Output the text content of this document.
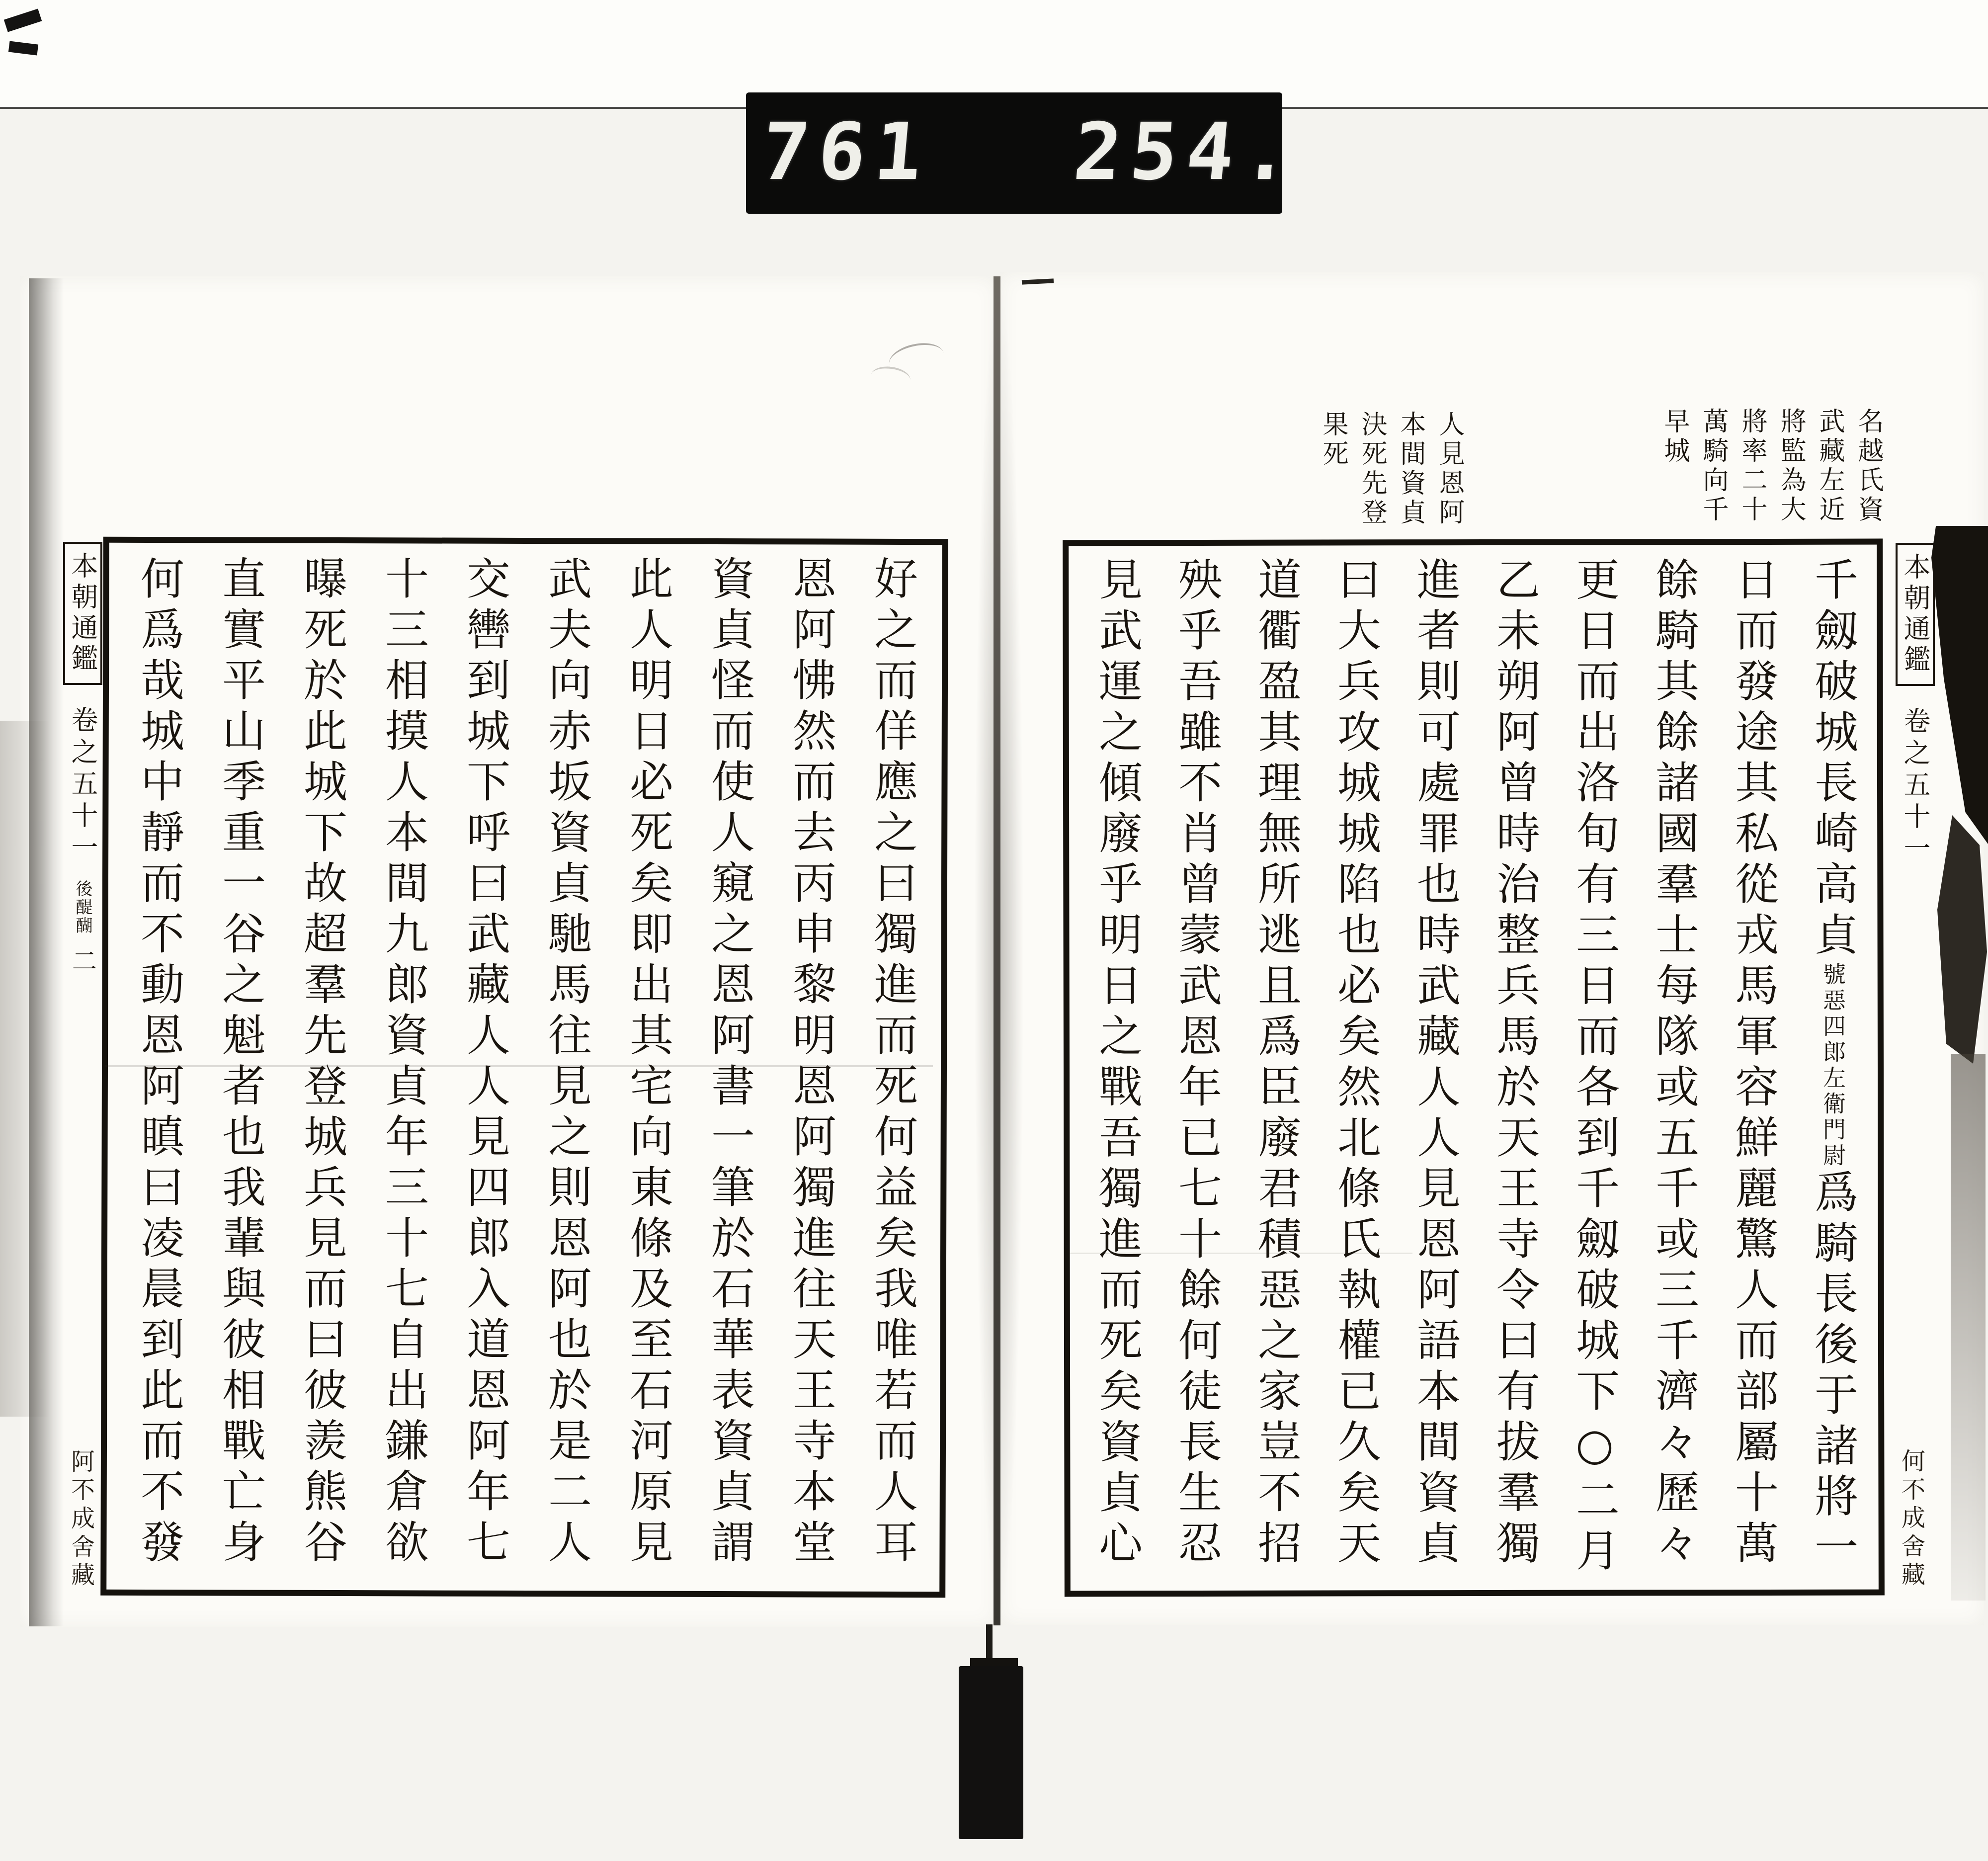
761 254.
名越氏資
武藏左近
將監為大
將率二十
萬騎向千
早城
人見恩阿
本間資貞
決死先登
果死
千劔破城長崎高貞號惡四郎左衛門尉爲騎長後于諸將一
日而發途其私從戎馬軍容鮮麗驚人而部屬十萬
餘騎其餘諸國羣士每隊或五千或三千濟々歷々
更日而出洛旬有三日而各到千劔破城下○二月
乙未朔阿曾時治整兵馬於天王寺令曰有拔羣獨
進者則可處罪也時武藏人人見恩阿語本間資貞
曰大兵攻城城陷也必矣然北條氏執權已久矣天
道衢盈其理無所逃且爲臣廢君積惡之家豈不招
殃乎吾雖不肖曾蒙武恩年已七十餘何徒長生忍
見武運之傾廢乎明日之戰吾獨進而死矣資貞心
好之而佯應之曰獨進而死何益矣我唯若而人耳
恩阿怫然而去丙申黎明恩阿獨進往天王寺本堂
資貞怪而使人窺之恩阿書一筆於石華表資貞謂
此人明日必死矣即出其宅向東條及至石河原見
武夫向赤坂資貞馳馬往見之則恩阿也於是二人
交轡到城下呼曰武藏人人見四郎入道恩阿年七
十三相摸人本間九郎資貞年三十七自出鎌倉欲
曝死於此城下故超羣先登城兵見而曰彼羨熊谷
直實平山季重一谷之魁者也我輩與彼相戰亡身
何爲哉城中靜而不動恩阿瞋曰凌晨到此而不發	本朝通鑑卷之五十一
何不成舍藏
本朝通鑑卷之五十一後醍醐二
阿不成舍藏
